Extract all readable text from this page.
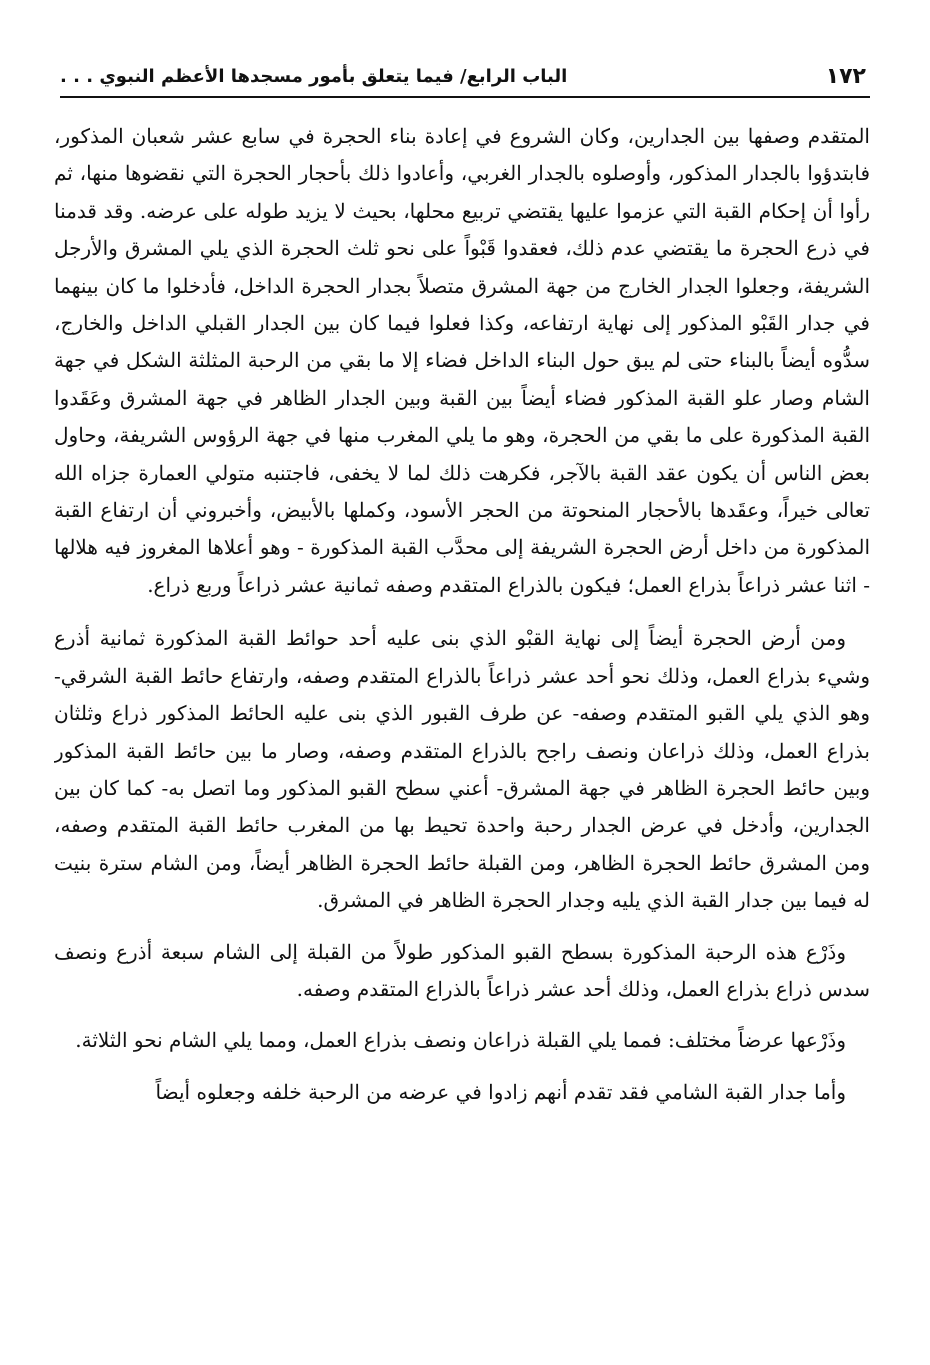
١٧٢
الباب الرابع/ فيما يتعلق بأمور مسجدها الأعظم النبوي . . .

المتقدم وصفها بين الجدارين، وكان الشروع في إعادة بناء الحجرة في سابع عشر شعبان المذكور، فابتدؤوا بالجدار المذكور، وأوصلوه بالجدار الغربي، وأعادوا ذلك بأحجار الحجرة التي نقضوها منها، ثم رأوا أن إحكام القبة التي عزموا عليها يقتضي تربيع محلها، بحيث لا يزيد طوله على عرضه. وقد قدمنا في ذرع الحجرة ما يقتضي عدم ذلك، فعقدوا قَبْواً على نحو ثلث الحجرة الذي يلي المشرق والأرجل الشريفة، وجعلوا الجدار الخارج من جهة المشرق متصلاً بجدار الحجرة الداخل، فأدخلوا ما كان بينهما في جدار القَبْو المذكور إلى نهاية ارتفاعه، وكذا فعلوا فيما كان بين الجدار القبلي الداخل والخارج، سدُّوه أيضاً بالبناء حتى لم يبق حول البناء الداخل فضاء إلا ما بقي من الرحبة المثلثة الشكل في جهة الشام وصار علو القبة المذكور فضاء أيضاً بين القبة وبين الجدار الظاهر في جهة المشرق وعَقَدوا القبة المذكورة على ما بقي من الحجرة، وهو ما يلي المغرب منها في جهة الرؤوس الشريفة، وحاول بعض الناس أن يكون عقد القبة بالآجر، فكرهت ذلك لما لا يخفى، فاجتنبه متولي العمارة جزاه الله تعالى خيراً، وعقَدها بالأحجار المنحوتة من الحجر الأسود، وكملها بالأبيض، وأخبروني أن ارتفاع القبة المذكورة من داخل أرض الحجرة الشريفة إلى محدَّب القبة المذكورة - وهو أعلاها المغروز فيه هلالها - اثنا عشر ذراعاً بذراع العمل؛ فيكون بالذراع المتقدم وصفه ثمانية عشر ذراعاً وربع ذراع.

ومن أرض الحجرة أيضاً إلى نهاية القبْو الذي بنى عليه أحد حوائط القبة المذكورة ثمانية أذرع وشيء بذراع العمل، وذلك نحو أحد عشر ذراعاً بالذراع المتقدم وصفه، وارتفاع حائط القبة الشرقي- وهو الذي يلي القبو المتقدم وصفه- عن طرف القبور الذي بنى عليه الحائط المذكور ذراع وثلثان بذراع العمل، وذلك ذراعان ونصف راجح بالذراع المتقدم وصفه، وصار ما بين حائط القبة المذكور وبين حائط الحجرة الظاهر في جهة المشرق- أعني سطح القبو المذكور وما اتصل به- كما كان بين الجدارين، وأدخل في عرض الجدار رحبة واحدة تحيط بها من المغرب حائط القبة المتقدم وصفه، ومن المشرق حائط الحجرة الظاهر، ومن القبلة حائط الحجرة الظاهر أيضاً، ومن الشام سترة بنيت له فيما بين جدار القبة الذي يليه وجدار الحجرة الظاهر في المشرق.

وذَرْع هذه الرحبة المذكورة بسطح القبو المذكور طولاً من القبلة إلى الشام سبعة أذرع ونصف سدس ذراع بذراع العمل، وذلك أحد عشر ذراعاً بالذراع المتقدم وصفه.

وذَرْعها عرضاً مختلف: فمما يلي القبلة ذراعان ونصف بذراع العمل، ومما يلي الشام نحو الثلاثة.

وأما جدار القبة الشامي فقد تقدم أنهم زادوا في عرضه من الرحبة خلفه وجعلوه أيضاً
